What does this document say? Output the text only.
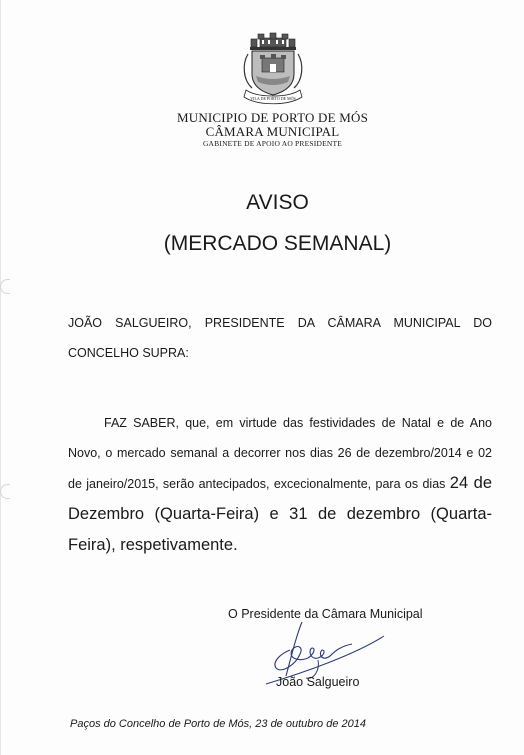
VILA DE PORTO DE MÓS
MUNICIPIO DE PORTO DE MÓS
CÂMARA MUNICIPAL
GABINETE DE APOIO AO PRESIDENTE
AVISO
(MERCADO SEMANAL)

JOÃO SALGUEIRO, PRESIDENTE DA CÂMARA MUNICIPAL DO CONCELHO SUPRA:

FAZ SABER, que, em virtude das festividades de Natal e de Ano Novo, o mercado semanal a decorrer nos dias 26 de dezembro/2014 e 02 de janeiro/2015, serão antecipados, excecionalmente, para os dias 24 de Dezembro (Quarta-Feira) e 31 de dezembro (Quarta-Feira), respetivamente.

O Presidente da Câmara Municipal
João Salgueiro
Paços do Concelho de Porto de Mós, 23 de outubro de 2014
